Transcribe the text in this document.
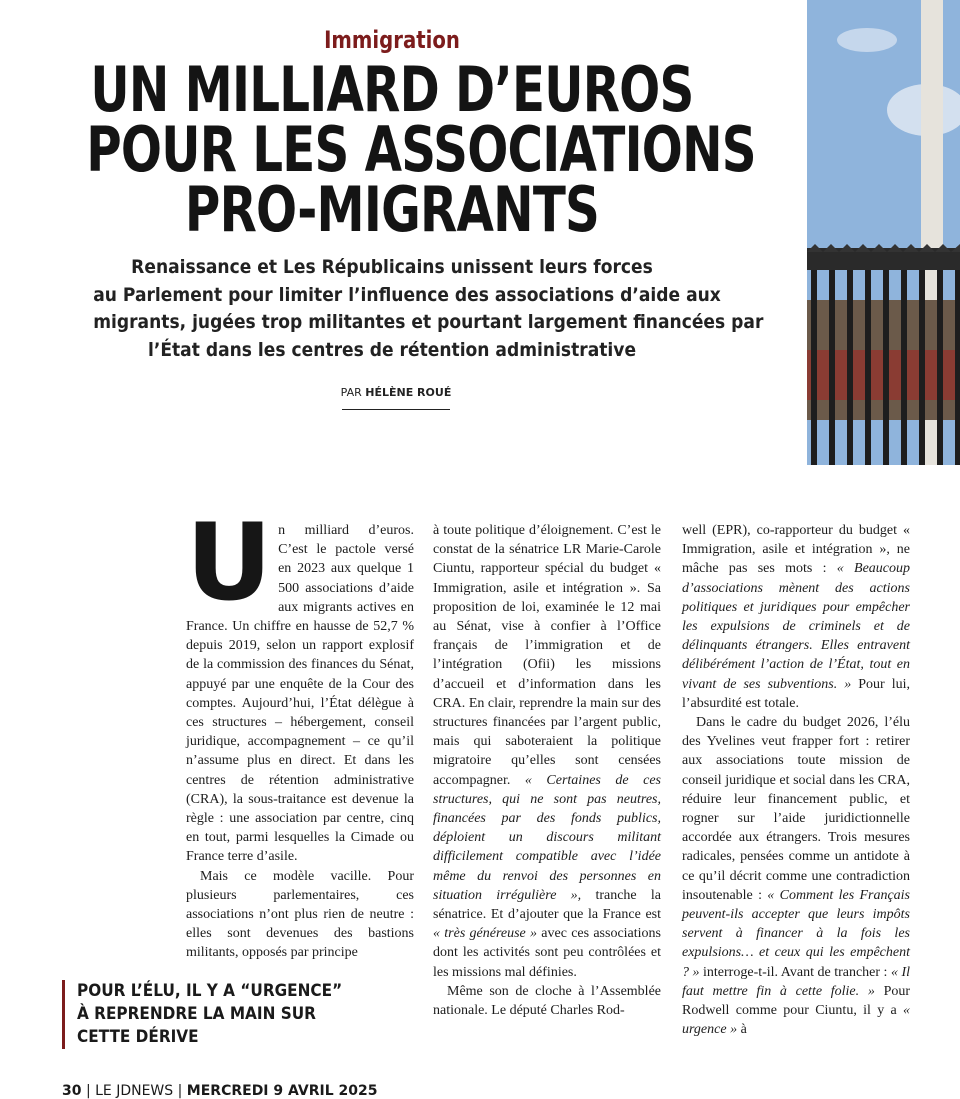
Immigration
UN MILLIARD D’EUROS
POUR LES ASSOCIATIONS
PRO-MIGRANTS
Renaissance et Les Républicains unissent leurs forces
au Parlement pour limiter l’influence des associations d’aide aux
migrants, jugées trop militantes et pourtant largement financées par
l’État dans les centres de rétention administrative
PAR HÉLÈNE ROUÉ

Un milliard d’euros. C’est le pactole versé en 2023 aux quelque 1 500 associations d’aide aux migrants actives en France. Un chiffre en hausse de 52,7 % depuis 2019, selon un rapport explosif de la commission des finances du Sénat, appuyé par une enquête de la Cour des comptes. Aujourd’hui, l’État délègue à ces structures – hébergement, conseil juridique, accompagnement – ce qu’il n’assume plus en direct. Et dans les centres de rétention administrative (CRA), la sous-traitance est devenue la règle : une association par centre, cinq en tout, parmi lesquelles la Cimade ou France terre d’asile.

Mais ce modèle vacille. Pour plusieurs parlementaires, ces associations n’ont plus rien de neutre : elles sont devenues des bastions militants, opposés par principe

à toute politique d’éloignement. C’est le constat de la sénatrice LR Marie-Carole Ciuntu, rapporteur spécial du budget « Immigration, asile et intégration ». Sa proposition de loi, examinée le 12 mai au Sénat, vise à confier à l’Office français de l’immigration et de l’intégration (Ofii) les missions d’accueil et d’information dans les CRA. En clair, reprendre la main sur des structures financées par l’argent public, mais qui saboteraient la politique migratoire qu’elles sont censées accompagner. « Certaines de ces structures, qui ne sont pas neutres, financées par des fonds publics, déploient un discours militant difficilement compatible avec l’idée même du renvoi des personnes en situation irrégulière », tranche la sénatrice. Et d’ajouter que la France est « très généreuse » avec ces associations dont les activités sont peu contrôlées et les missions mal définies.

Même son de cloche à l’Assemblée nationale. Le député Charles Rod-

well (EPR), co-rapporteur du budget « Immigration, asile et intégration », ne mâche pas ses mots : « Beaucoup d’associations mènent des actions politiques et juridiques pour empêcher les expulsions de criminels et de délinquants étrangers. Elles entravent délibérément l’action de l’État, tout en vivant de ses subventions. » Pour lui, l’absurdité est totale.

Dans le cadre du budget 2026, l’élu des Yvelines veut frapper fort : retirer aux associations toute mission de conseil juridique et social dans les CRA, réduire leur financement public, et rogner sur l’aide juridictionnelle accordée aux étrangers. Trois mesures radicales, pensées comme un antidote à ce qu’il décrit comme une contradiction insoutenable : « Comment les Français peuvent-ils accepter que leurs impôts servent à financer à la fois les expulsions… et ceux qui les empêchent ? » interroge-t-il. Avant de trancher : « Il faut mettre fin à cette folie. » Pour Rodwell comme pour Ciuntu, il y a « urgence » à

POUR L’ÉLU, IL Y A “URGENCE”
À REPRENDRE LA MAIN SUR
CETTE DÉRIVE
30 | LE JDNEWS | MERCREDI 9 AVRIL 2025
